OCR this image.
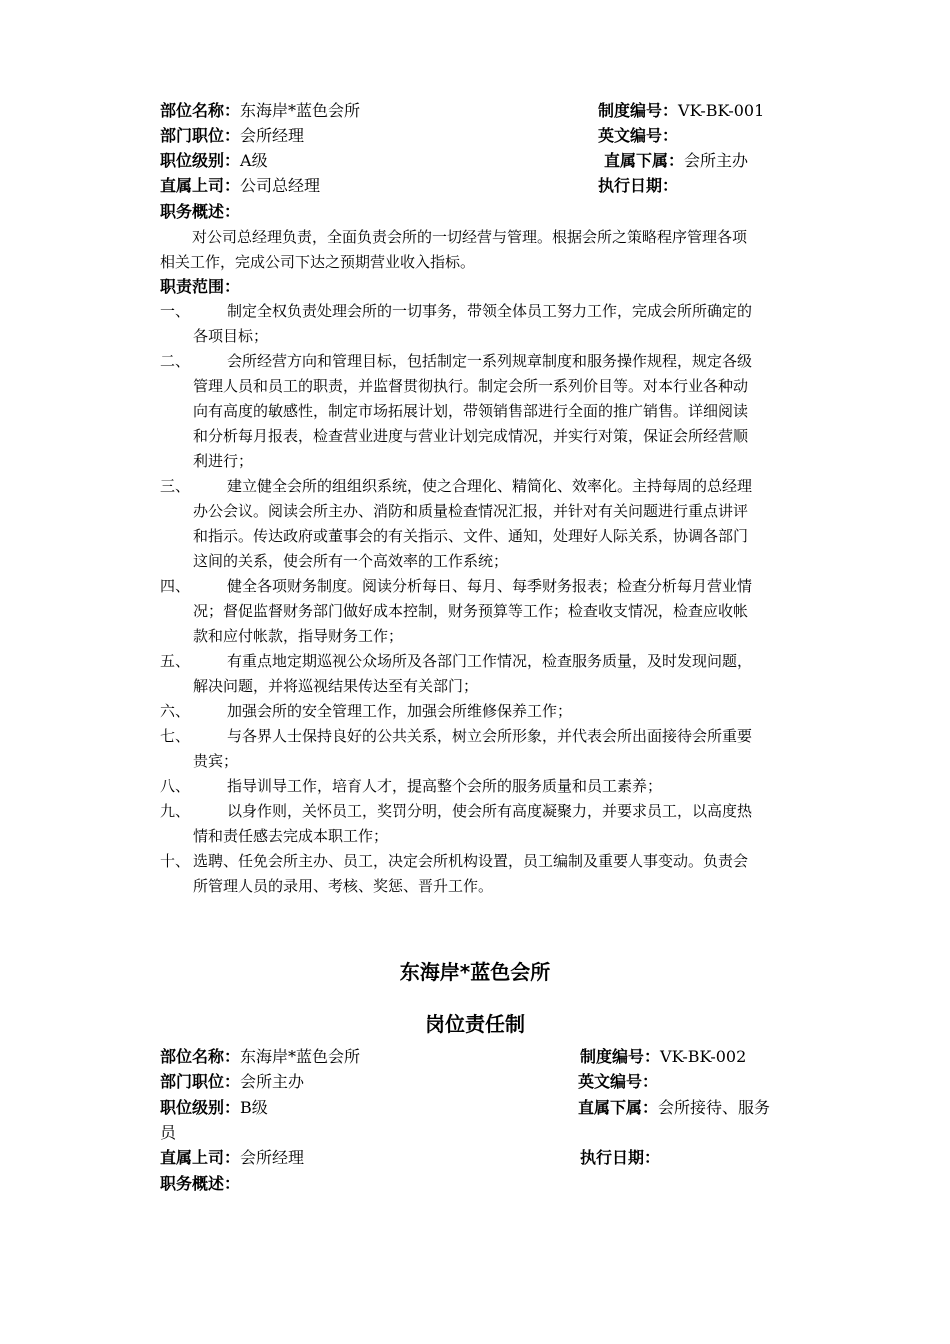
部位名称：东海岸*蓝色会所	制度编号：VK-BK-001
部门职位：会所经理	英文编号：
职位级别：A级	直属下属：会所主办
直属上司：公司总经理	执行日期：
职务概述：
对公司总经理负责，全面负责会所的一切经营与管理。根据会所之策略程序管理各项
相关工作，完成公司下达之预期营业收入指标。
职责范围：
一、	制定全权负责处理会所的一切事务，带领全体员工努力工作，完成会所所确定的
各项目标；
二、	会所经营方向和管理目标，包括制定一系列规章制度和服务操作规程，规定各级
管理人员和员工的职责，并监督贯彻执行。制定会所一系列价目等。对本行业各种动
向有高度的敏感性，制定市场拓展计划，带领销售部进行全面的推广销售。详细阅读
和分析每月报表，检查营业进度与营业计划完成情况，并实行对策，保证会所经营顺
利进行；
三、	建立健全会所的组组织系统，使之合理化、精简化、效率化。主持每周的总经理
办公会议。阅读会所主办、消防和质量检查情况汇报，并针对有关问题进行重点讲评
和指示。传达政府或董事会的有关指示、文件、通知，处理好人际关系，协调各部门
这间的关系，使会所有一个高效率的工作系统；
四、	健全各项财务制度。阅读分析每日、每月、每季财务报表；检查分析每月营业情
况；督促监督财务部门做好成本控制，财务预算等工作；检查收支情况，检查应收帐
款和应付帐款，指导财务工作；
五、	有重点地定期巡视公众场所及各部门工作情况，检查服务质量，及时发现问题，
解决问题，并将巡视结果传达至有关部门；
六、	加强会所的安全管理工作，加强会所维修保养工作；
七、	与各界人士保持良好的公共关系，树立会所形象，并代表会所出面接待会所重要
贵宾；
八、	指导训导工作，培育人才，提高整个会所的服务质量和员工素养；
九、	以身作则，关怀员工，奖罚分明，使会所有高度凝聚力，并要求员工，以高度热
情和责任感去完成本职工作；
十、 选聘、任免会所主办、员工，决定会所机构设置，员工编制及重要人事变动。负责会
所管理人员的录用、考核、奖惩、晋升工作。
东海岸*蓝色会所
岗位责任制
部位名称：东海岸*蓝色会所	制度编号：VK-BK-002
部门职位：会所主办	英文编号：
职位级别：B级	直属下属：会所接待、服务
员
直属上司：会所经理	执行日期：
职务概述：
